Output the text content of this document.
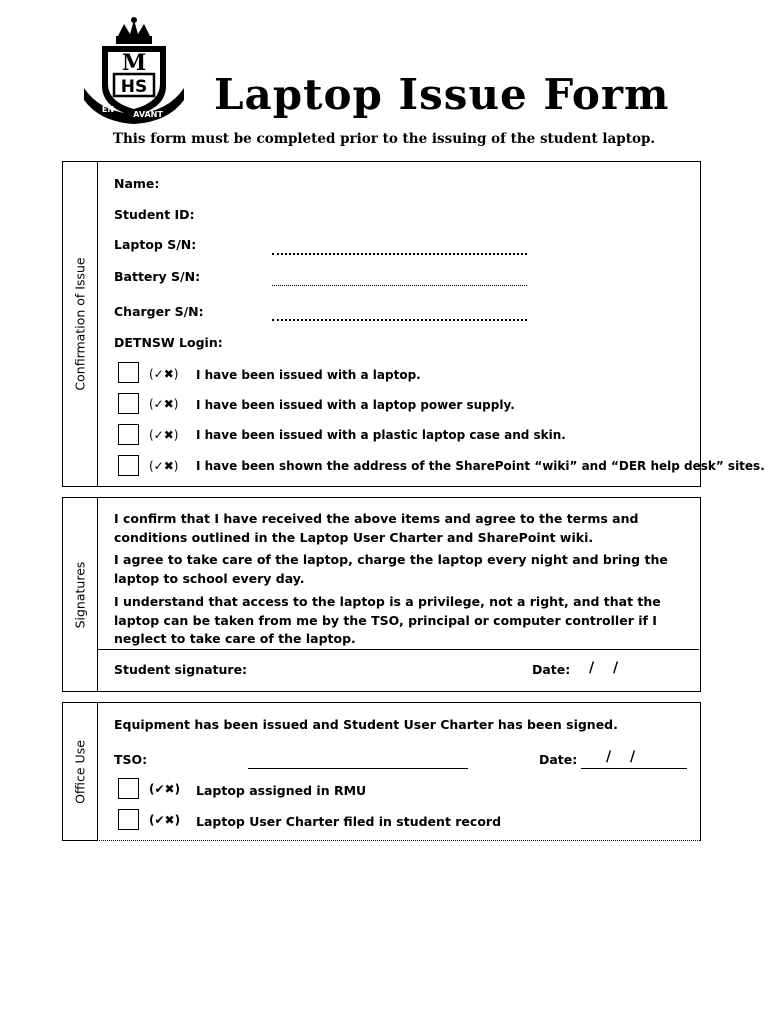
M
HS
EN
AVANT Laptop Issue Form
This form must be completed prior to the issuing of the student laptop.
Confirmation of Issue
Name:
Student ID:
Laptop S/N:
Battery S/N:
Charger S/N:
DETNSW Login:
(✓✖) I have been issued with a laptop.
(✓✖) I have been issued with a laptop power supply.
(✓✖) I have been issued with a plastic laptop case and skin.
(✓✖) I have been shown the address of the SharePoint “wiki” and “DER help desk” sites.
Signatures
I confirm that I have received the above items and agree to the terms and conditions outlined in the Laptop User Charter and SharePoint wiki.
I agree to take care of the laptop, charge the laptop every night and bring the laptop to school every day.
I understand that access to the laptop is a privilege, not a right, and that the laptop can be taken from me by the TSO, principal or computer controller if I neglect to take care of the laptop.
Student signature:	Date: / /
Office Use
Equipment has been issued and Student User Charter has been signed.
TSO:	Date: / /
(✔✖) Laptop assigned in RMU
(✔✖) Laptop User Charter filed in student record
